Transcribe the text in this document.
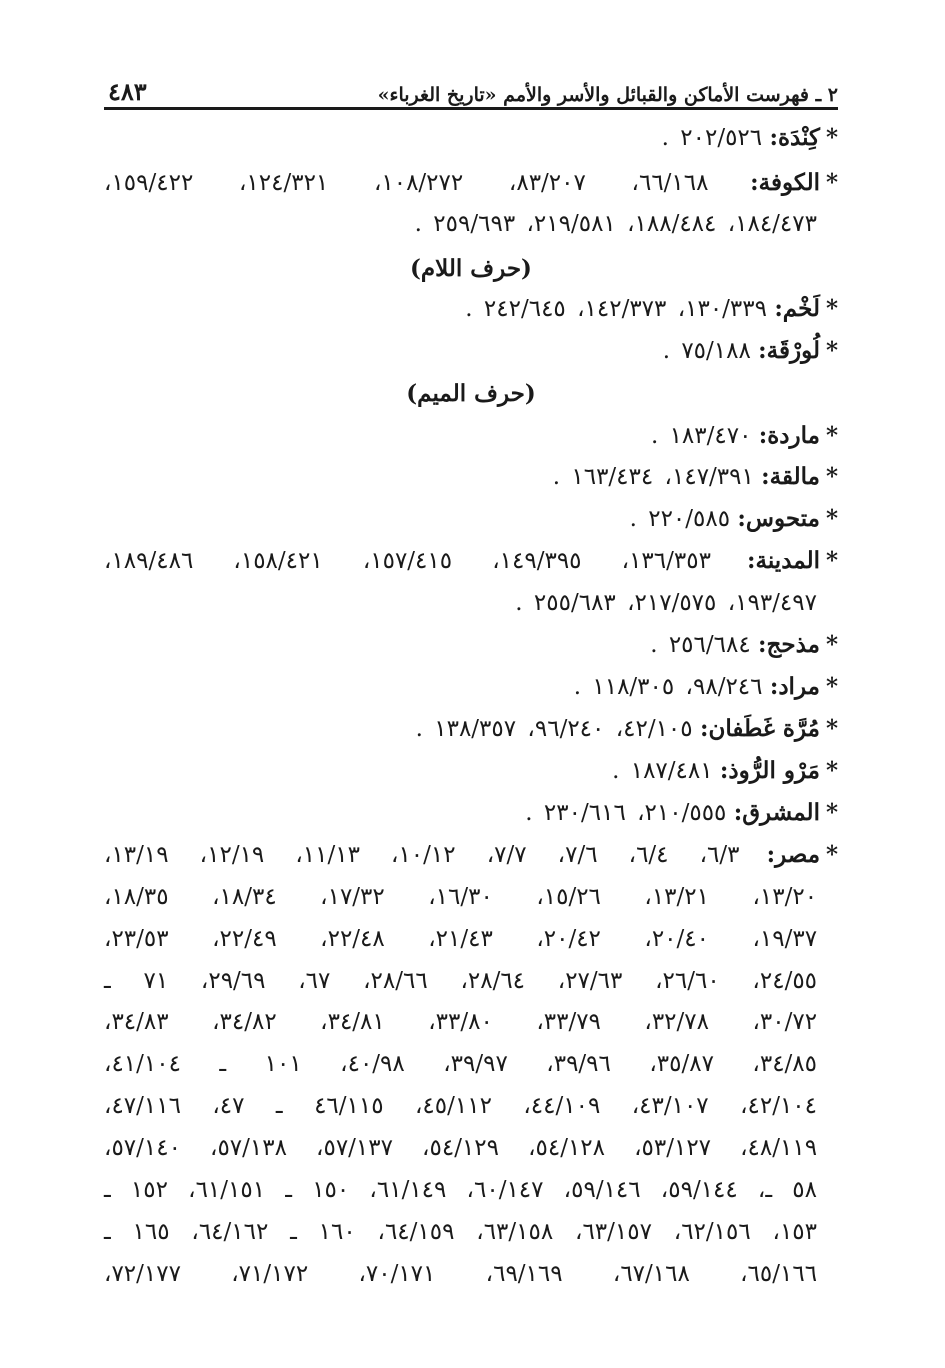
٢ ـ فهرست الأماكن والقبائل والأسر والأمم «تاريخ الغرباء»
٤٨٣
*كِنْدَة: ٢٠٢/٥٢٦ .
*الكوفة: ٦٦/١٦٨، ٨٣/٢٠٧، ١٠٨/٢٧٢، ١٢٤/٣٢١، ١٥٩/٤٢٢،
١٨٤/٤٧٣، ١٨٨/٤٨٤، ٢١٩/٥٨١، ٢٥٩/٦٩٣ .
(حرف اللام)
*لَخْم: ١٣٠/٣٣٩، ١٤٢/٣٧٣، ٢٤٢/٦٤٥ .
*لُورْقَة: ٧٥/١٨٨ .
(حرف الميم)
*ماردة: ١٨٣/٤٧٠ .
*مالقة: ١٤٧/٣٩١، ١٦٣/٤٣٤ .
*متحوس: ٢٢٠/٥٨٥ .
*المدينة: ١٣٦/٣٥٣، ١٤٩/٣٩٥، ١٥٧/٤١٥، ١٥٨/٤٢١، ١٨٩/٤٨٦،
١٩٣/٤٩٧، ٢١٧/٥٧٥، ٢٥٥/٦٨٣ .
*مذحج: ٢٥٦/٦٨٤ .
*مراد: ٩٨/٢٤٦، ١١٨/٣٠٥ .
*مُرَّة غَطَفان: ٤٢/١٠٥، ٩٦/٢٤٠، ١٣٨/٣٥٧ .
*مَرْو الرُّوذ: ١٨٧/٤٨١ .
*المشرق: ٢١٠/٥٥٥، ٢٣٠/٦١٦ .
*مصر: ٦/٣، ٦/٤، ٧/٦، ٧/٧، ١٠/١٢، ١١/١٣، ١٢/١٩، ١٣/١٩،
١٣/٢٠، ١٣/٢١، ١٥/٢٦، ١٦/٣٠، ١٧/٣٢، ١٨/٣٤، ١٨/٣٥،
١٩/٣٧، ٢٠/٤٠، ٢٠/٤٢، ٢١/٤٣، ٢٢/٤٨، ٢٢/٤٩، ٢٣/٥٣،
٢٤/٥٥، ٢٦/٦٠، ٢٧/٦٣، ٢٨/٦٤، ٢٨/٦٦، ٦٧، ٢٩/٦٩، ٧١ ـ
٣٠/٧٢، ٣٢/٧٨، ٣٣/٧٩، ٣٣/٨٠، ٣٤/٨١، ٣٤/٨٢، ٣٤/٨٣،
٣٤/٨٥، ٣٥/٨٧، ٣٩/٩٦، ٣٩/٩٧، ٤٠/٩٨، ١٠١ ـ ٤١/١٠٤،
٤٢/١٠٤، ٤٣/١٠٧، ٤٤/١٠٩، ٤٥/١١٢، ٤٦/١١٥ ـ ٤٧، ٤٧/١١٦،
٤٨/١١٩، ٥٣/١٢٧، ٥٤/١٢٨، ٥٤/١٢٩، ٥٧/١٣٧، ٥٧/١٣٨، ٥٧/١٤٠،
٥٨ ـ، ٥٩/١٤٤، ٥٩/١٤٦، ٦٠/١٤٧، ٦١/١٤٩، ١٥٠ ـ ٦١/١٥١، ١٥٢ ـ
١٥٣، ٦٢/١٥٦، ٦٣/١٥٧، ٦٣/١٥٨، ٦٤/١٥٩، ١٦٠ ـ ٦٤/١٦٢، ١٦٥ ـ
٦٥/١٦٦، ٦٧/١٦٨، ٦٩/١٦٩، ٧٠/١٧١، ٧١/١٧٢، ٧٢/١٧٧،
